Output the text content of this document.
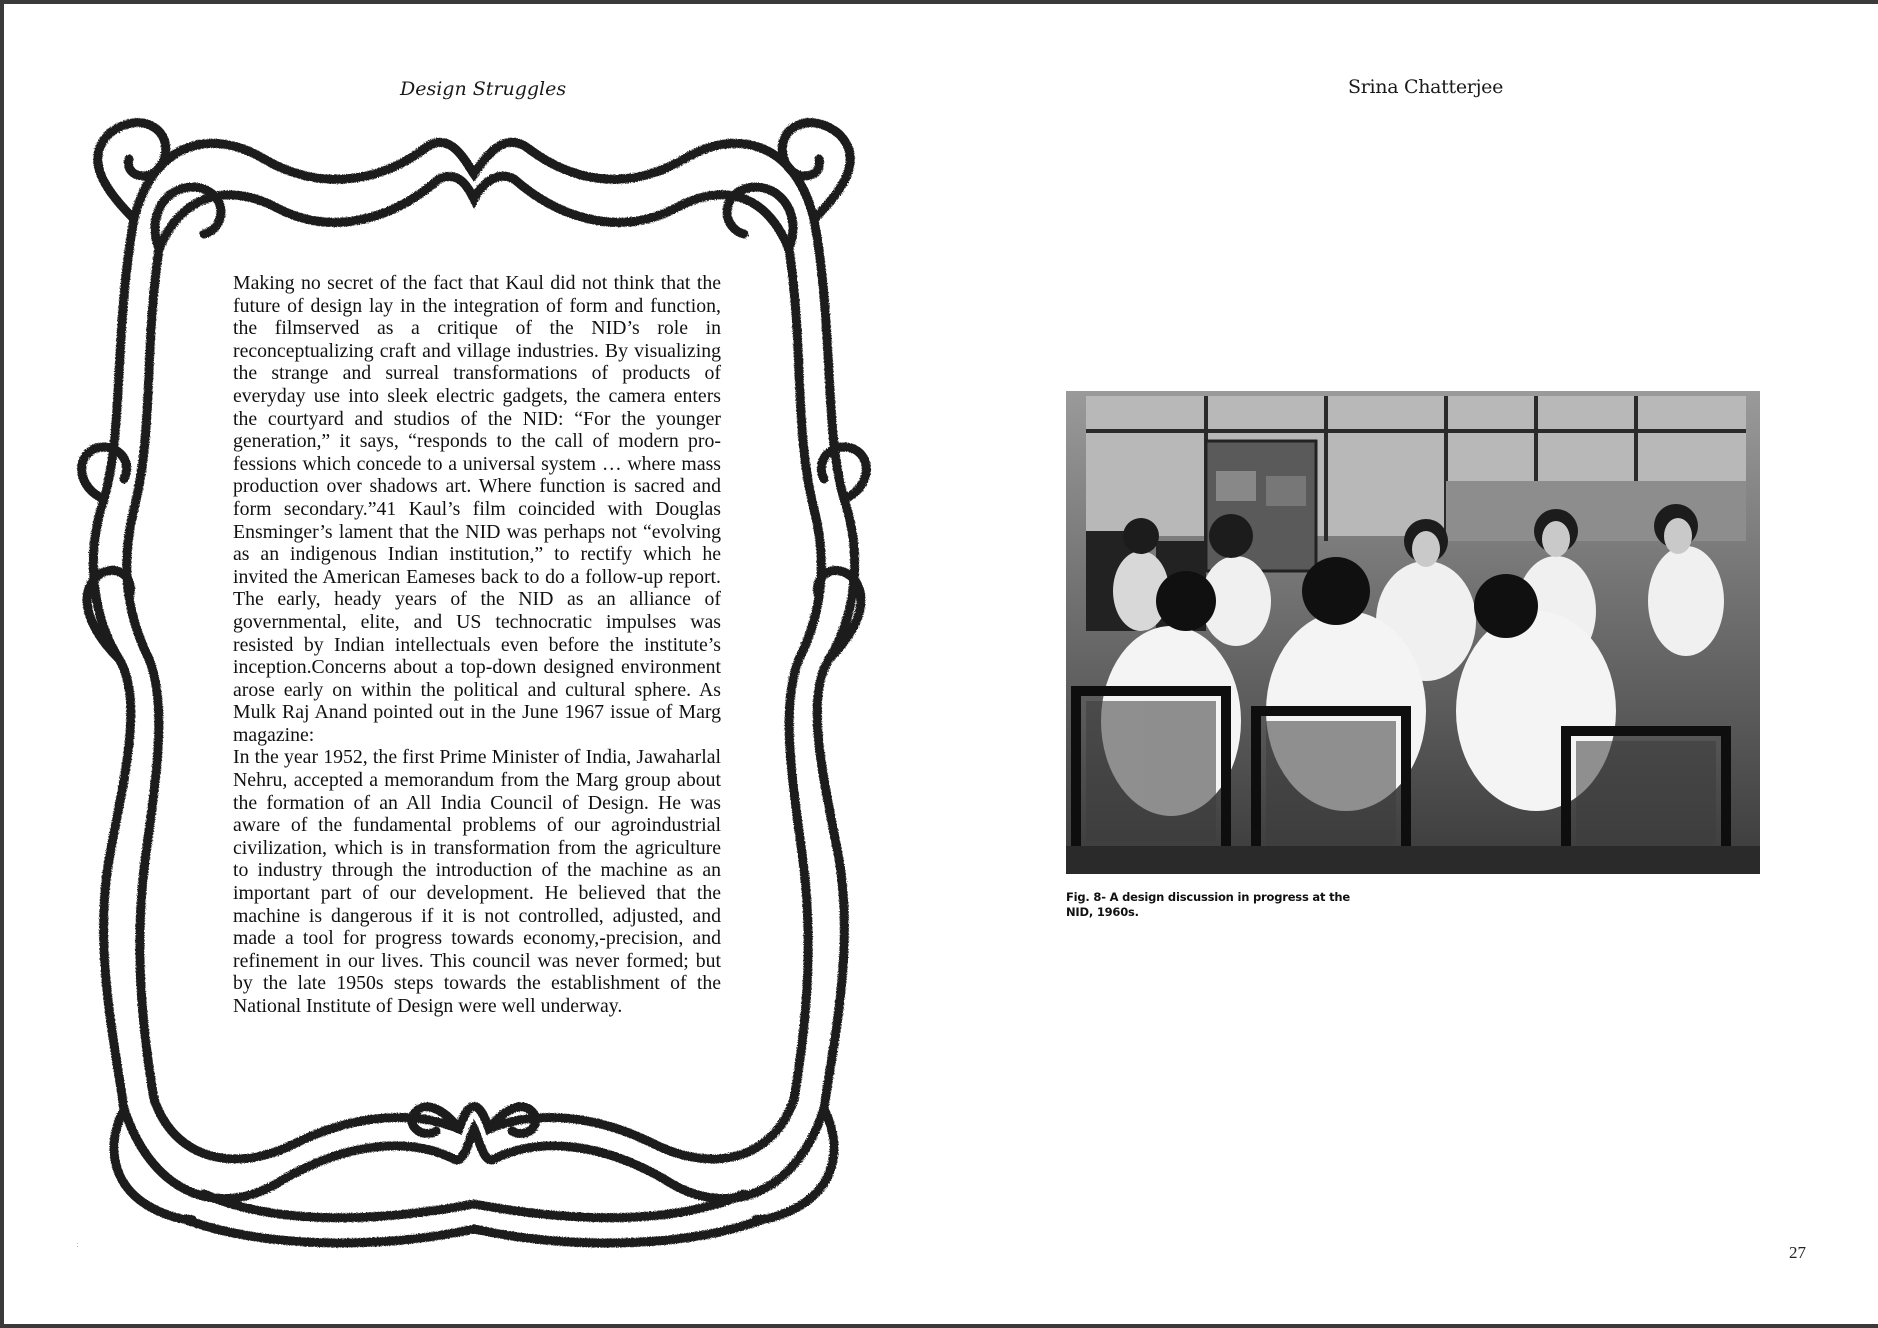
Design Struggles

Making no secret of the fact that Kaul did not think that the future of design lay in the integration of form and function, the filmserved as a critique of the NID’s role in reconceptualizing craft and village industries. By visualizing the strange and surreal transformations of products of everyday use into sleek electric gadgets, the camera enters the courtyard and studios of the NID: “For the younger generation,” it says, “responds to the call of modern professions which concede to a universal system … where mass production over shadows art. Where function is sacred and form secondary.”41 Kaul’s film coincided with Douglas Ensminger’s lament that the NID was perhaps not “evolving as an indigenous Indian institution,” to rectify which he invited the American Eameses back to do a follow-up report. The early, heady years of the NID as an alliance of governmental, elite, and US technocratic impulses was resisted by Indian intellectuals even before the institute’s inception.Concerns about a top-down designed environment arose early on within the political and cultural sphere. As Mulk Raj Anand pointed out in the June 1967 issue of Marg magazine:

In the year 1952, the first Prime Minister of India, Jawaharlal Nehru, accepted a memorandum from the Marg group about the formation of an All India Council of Design. He was aware of the fundamental problems of our agroindustrial civilization, which is in transformation from the agriculture to industry through the introduction of the machine as an important part of our development. He believed that the machine is dangerous if it is not controlled, adjusted, and made a tool for progress towards economy,-precision, and refinement in our lives. This council was never formed; but by the late 1950s steps towards the establishment of the National Institute of Design were well underway.

:
Srina Chatterjee
Fig. 8- A design discussion in progress at the NID, 1960s.
27
